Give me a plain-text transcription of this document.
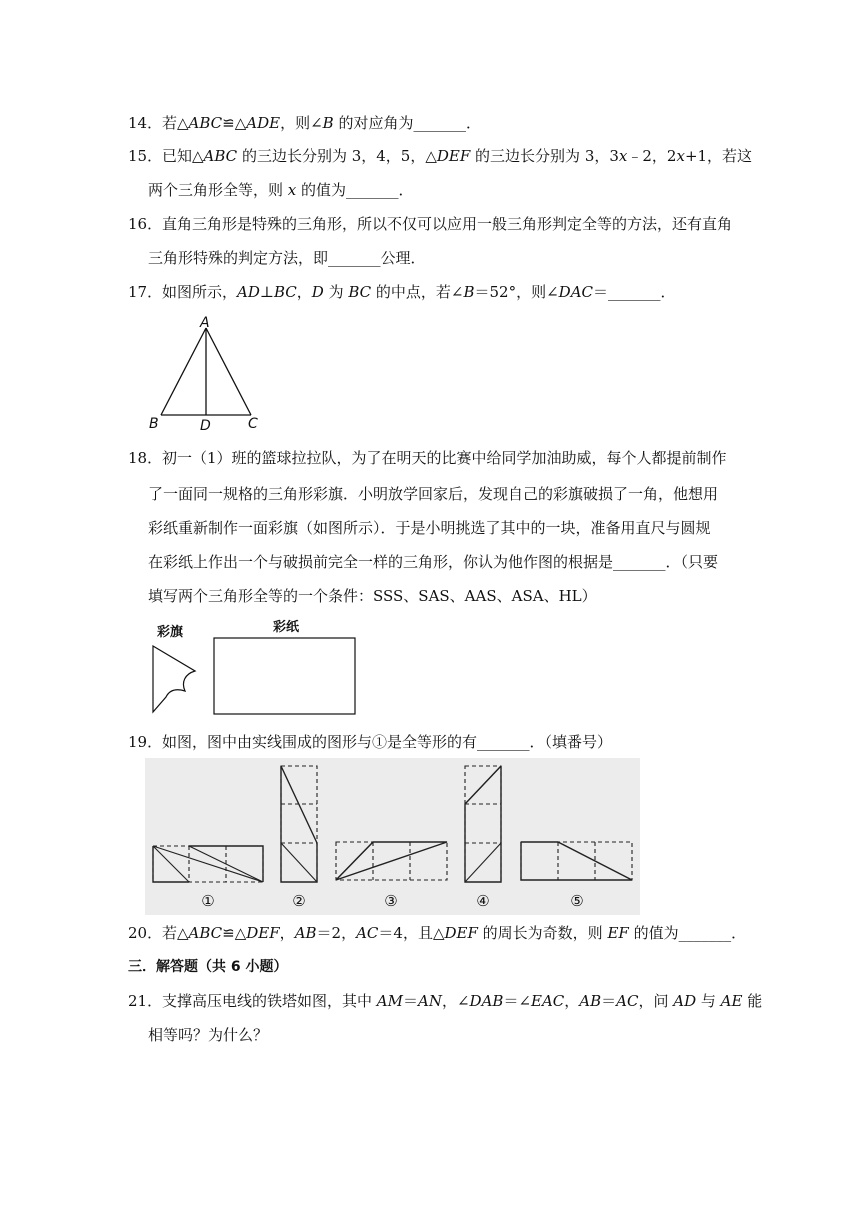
14． 若△ABC≌△ADE，则∠B 的对应角为_______．
15． 已知△ABC 的三边长分别为 3，4，5，△DEF 的三边长分别为 3，3x﹣2，2x+1，若这
两个三角形全等，则 x 的值为_______．
16． 直角三角形是特殊的三角形，所以不仅可以应用一般三角形判定全等的方法，还有直角
三角形特殊的判定方法，即_______公理．
17． 如图所示，AD⊥BC，D 为 BC 的中点，若∠B＝52°，则∠DAC＝_______．
A
B	D	C
18． 初一（1）班的篮球拉拉队，为了在明天的比赛中给同学加油助威，每个人都提前制作
了一面同一规格的三角形彩旗．小明放学回家后，发现自己的彩旗破损了一角，他想用
彩纸重新制作一面彩旗（如图所示）．于是小明挑选了其中的一块，准备用直尺与圆规
在彩纸上作出一个与破损前完全一样的三角形，你认为他作图的根据是_______．（只要
填写两个三角形全等的一个条件：SSS、SAS、AAS、ASA、HL）
彩旗	彩纸
19． 如图，图中由实线围成的图形与①是全等形的有_______．（填番号）
①	②	③	④	⑤
20． 若△ABC≌△DEF，AB＝2，AC＝4，且△DEF 的周长为奇数，则 EF 的值为_______．
三．解答题（共 6 小题）
21． 支撑高压电线的铁塔如图，其中 AM＝AN，∠DAB＝∠EAC，AB＝AC，问 AD 与 AE 能
相等吗？为什么？
